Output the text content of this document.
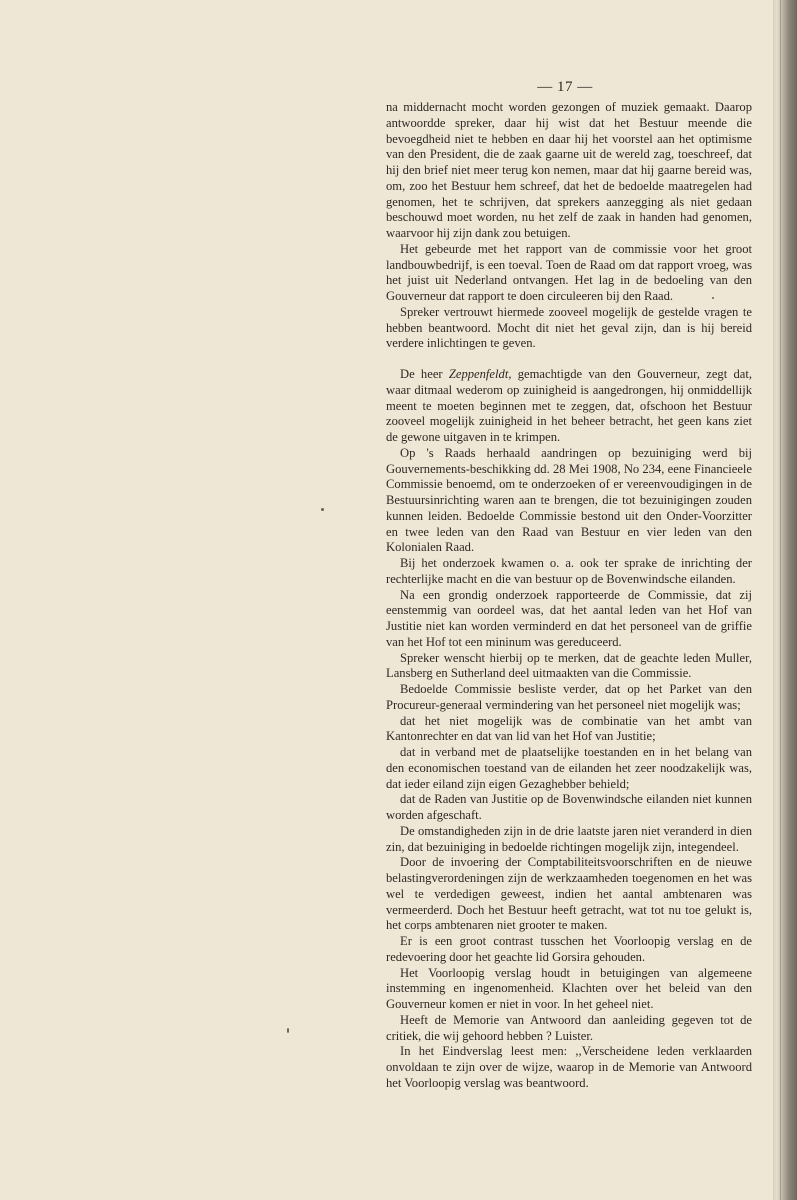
— 17 —

na middernacht mocht worden gezongen of muziek gemaakt. Daarop antwoordde spreker, daar hij wist dat het Bestuur meende die bevoegdheid niet te hebben en daar hij het voorstel aan het optimisme van den President, die de zaak gaarne uit de wereld zag, toeschreef, dat hij den brief niet meer terug kon nemen, maar dat hij gaarne bereid was, om, zoo het Bestuur hem schreef, dat het de bedoelde maatregelen had genomen, het te schrijven, dat sprekers aanzegging als niet gedaan beschouwd moet worden, nu het zelf de zaak in handen had genomen, waarvoor hij zijn dank zou betuigen.

Het gebeurde met het rapport van de commissie voor het groot landbouwbedrijf, is een toeval. Toen de Raad om dat rapport vroeg, was het juist uit Nederland ontvangen. Het lag in de bedoeling van den Gouverneur dat rapport te doen circuleeren bij den Raad.

Spreker vertrouwt hiermede zooveel mogelijk de gestelde vragen te hebben beantwoord. Mocht dit niet het geval zijn, dan is hij bereid verdere inlichtingen te geven.

De heer Zeppenfeldt, gemachtigde van den Gouverneur, zegt dat, waar ditmaal wederom op zuinigheid is aangedrongen, hij onmiddellijk meent te moeten beginnen met te zeggen, dat, ofschoon het Bestuur zooveel mogelijk zuinigheid in het beheer betracht, het geen kans ziet de gewone uitgaven in te krimpen.

Op 's Raads herhaald aandringen op bezuiniging werd bij Gouvernements-beschikking dd. 28 Mei 1908, No 234, eene Financieele Commissie benoemd, om te onderzoeken of er vereenvoudigingen in de Bestuursinrichting waren aan te brengen, die tot bezuinigingen zouden kunnen leiden. Bedoelde Commissie bestond uit den Onder-Voorzitter en twee leden van den Raad van Bestuur en vier leden van den Kolonialen Raad.

Bij het onderzoek kwamen o. a. ook ter sprake de inrichting der rechterlijke macht en die van bestuur op de Bovenwindsche eilanden.

Na een grondig onderzoek rapporteerde de Commissie, dat zij eenstemmig van oordeel was, dat het aantal leden van het Hof van Justitie niet kan worden verminderd en dat het personeel van de griffie van het Hof tot een mininum was gereduceerd.

Spreker wenscht hierbij op te merken, dat de geachte leden Muller, Lansberg en Sutherland deel uitmaakten van die Commissie.

Bedoelde Commissie besliste verder, dat op het Parket van den Procureur-generaal vermindering van het personeel niet mogelijk was;

dat het niet mogelijk was de combinatie van het ambt van Kantonrechter en dat van lid van het Hof van Justitie;

dat in verband met de plaatselijke toestanden en in het belang van den economischen toestand van de eilanden het zeer noodzakelijk was, dat ieder eiland zijn eigen Gezaghebber behield;

dat de Raden van Justitie op de Bovenwindsche eilanden niet kunnen worden afgeschaft.

De omstandigheden zijn in de drie laatste jaren niet veranderd in dien zin, dat bezuiniging in bedoelde richtingen mogelijk zijn, integendeel.

Door de invoering der Comptabiliteitsvoorschriften en de nieuwe belastingverordeningen zijn de werkzaamheden toegenomen en het was wel te verdedigen geweest, indien het aantal ambtenaren was vermeerderd. Doch het Bestuur heeft getracht, wat tot nu toe gelukt is, het corps ambtenaren niet grooter te maken.

Er is een groot contrast tusschen het Voorloopig verslag en de redevoering door het geachte lid Gorsira gehouden.

Het Voorloopig verslag houdt in betuigingen van algemeene instemming en ingenomenheid. Klachten over het beleid van den Gouverneur komen er niet in voor. In het geheel niet.

Heeft de Memorie van Antwoord dan aanleiding gegeven tot de critiek, die wij gehoord hebben ? Luister.

In het Eindverslag leest men: ,,Verscheidene leden verklaarden onvoldaan te zijn over de wijze, waarop in de Memorie van Antwoord het Voorloopig verslag was beantwoord.
